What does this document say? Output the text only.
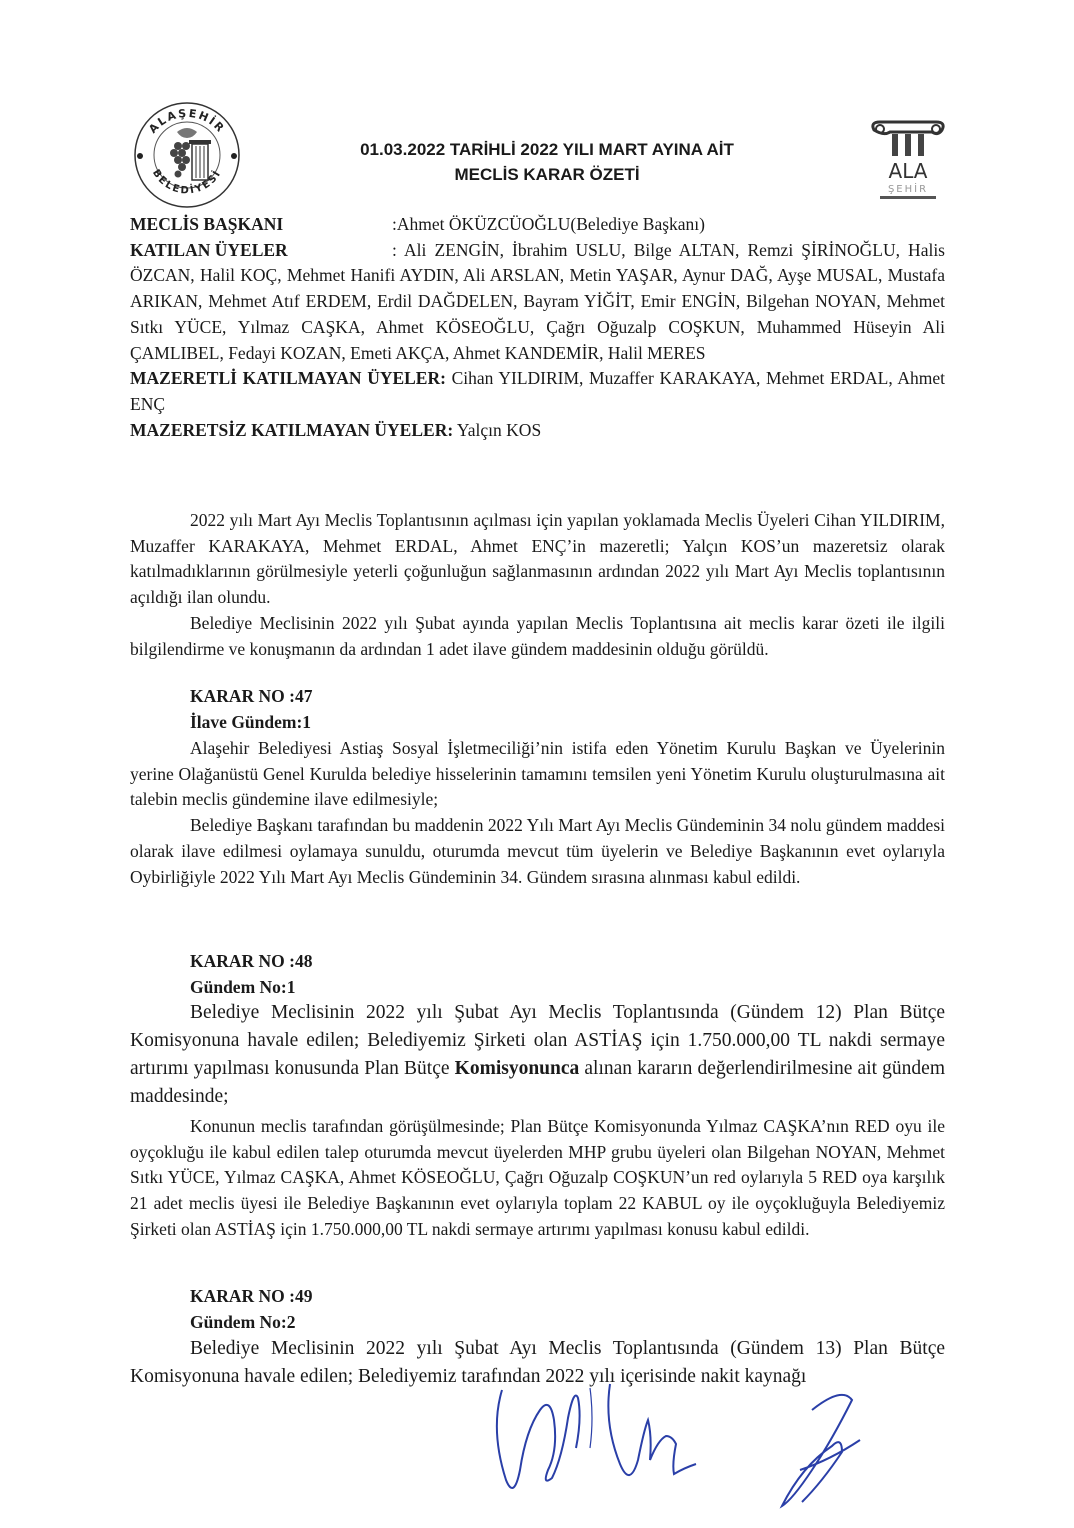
ALAŞEHİR
BELEDİYESİ	ALA
ŞEHİR
01.03.2022 TARİHLİ 2022 YILI MART AYINA AİT
MECLİS KARAR ÖZETİ
MECLİS BAŞKANI	:Ahmet ÖKÜZCÜOĞLU(Belediye Başkanı)
KATILAN ÜYELER	: Ali ZENGİN, İbrahim USLU, Bilge ALTAN, Remzi ŞİRİNOĞLU, Halis ÖZCAN, Halil KOÇ, Mehmet Hanifi AYDIN, Ali ARSLAN, Metin YAŞAR, Aynur DAĞ, Ayşe MUSAL, Mustafa ARIKAN, Mehmet Atıf ERDEM, Erdil DAĞDELEN, Bayram YİĞİT, Emir ENGİN, Bilgehan NOYAN, Mehmet Sıtkı YÜCE, Yılmaz CAŞKA, Ahmet KÖSEOĞLU, Çağrı Oğuzalp COŞKUN, Muhammed Hüseyin Ali ÇAMLIBEL, Fedayi KOZAN, Emeti AKÇA, Ahmet KANDEMİR, Halil MERES
MAZERETLİ KATILMAYAN ÜYELER: Cihan YILDIRIM, Muzaffer KARAKAYA, Mehmet ERDAL, Ahmet ENÇ
MAZERETSİZ KATILMAYAN ÜYELER: Yalçın KOS

2022 yılı Mart Ayı Meclis Toplantısının açılması için yapılan yoklamada Meclis Üyeleri Cihan YILDIRIM, Muzaffer KARAKAYA, Mehmet ERDAL, Ahmet ENÇ’in mazeretli; Yalçın KOS’un mazeretsiz olarak katılmadıklarının görülmesiyle yeterli çoğunluğun sağlanmasının ardından 2022 yılı Mart Ayı Meclis toplantısının açıldığı ilan olundu.

Belediye Meclisinin 2022 yılı Şubat ayında yapılan Meclis Toplantısına ait meclis karar özeti ile ilgili bilgilendirme ve konuşmanın da ardından 1 adet ilave gündem maddesinin olduğu görüldü.

KARAR NO :47
İlave Gündem:1

Alaşehir Belediyesi Astiaş Sosyal İşletmeciliği’nin istifa eden Yönetim Kurulu Başkan ve Üyelerinin yerine Olağanüstü Genel Kurulda belediye hisselerinin tamamını temsilen yeni Yönetim Kurulu oluşturulmasına ait talebin meclis gündemine ilave edilmesiyle;

Belediye Başkanı tarafından bu maddenin 2022 Yılı Mart Ayı Meclis Gündeminin 34 nolu gündem maddesi olarak ilave edilmesi oylamaya sunuldu, oturumda mevcut tüm üyelerin ve Belediye Başkanının evet oylarıyla Oybirliğiyle 2022 Yılı Mart Ayı Meclis Gündeminin 34. Gündem sırasına alınması kabul edildi.

KARAR NO :48
Gündem No:1

Belediye Meclisinin 2022 yılı Şubat Ayı Meclis Toplantısında (Gündem 12) Plan Bütçe Komisyonuna havale edilen; Belediyemiz Şirketi olan ASTİAŞ için 1.750.000,00 TL nakdi sermaye artırımı yapılması konusunda Plan Bütçe Komisyonunca alınan kararın değerlendirilmesine ait gündem maddesinde;

Konunun meclis tarafından görüşülmesinde; Plan Bütçe Komisyonunda Yılmaz CAŞKA’nın RED oyu ile oyçokluğu ile kabul edilen talep oturumda mevcut üyelerden MHP grubu üyeleri olan Bilgehan NOYAN, Mehmet Sıtkı YÜCE, Yılmaz CAŞKA, Ahmet KÖSEOĞLU, Çağrı Oğuzalp COŞKUN’un red oylarıyla 5 RED oya karşılık 21 adet meclis üyesi ile Belediye Başkanının evet oylarıyla toplam 22 KABUL oy ile oyçokluğuyla Belediyemiz Şirketi olan ASTİAŞ için 1.750.000,00 TL nakdi sermaye artırımı yapılması konusu kabul edildi.

KARAR NO :49
Gündem No:2

Belediye Meclisinin 2022 yılı Şubat Ayı Meclis Toplantısında (Gündem 13) Plan Bütçe Komisyonuna havale edilen; Belediyemiz tarafından 2022 yılı içerisinde nakit kaynağı
